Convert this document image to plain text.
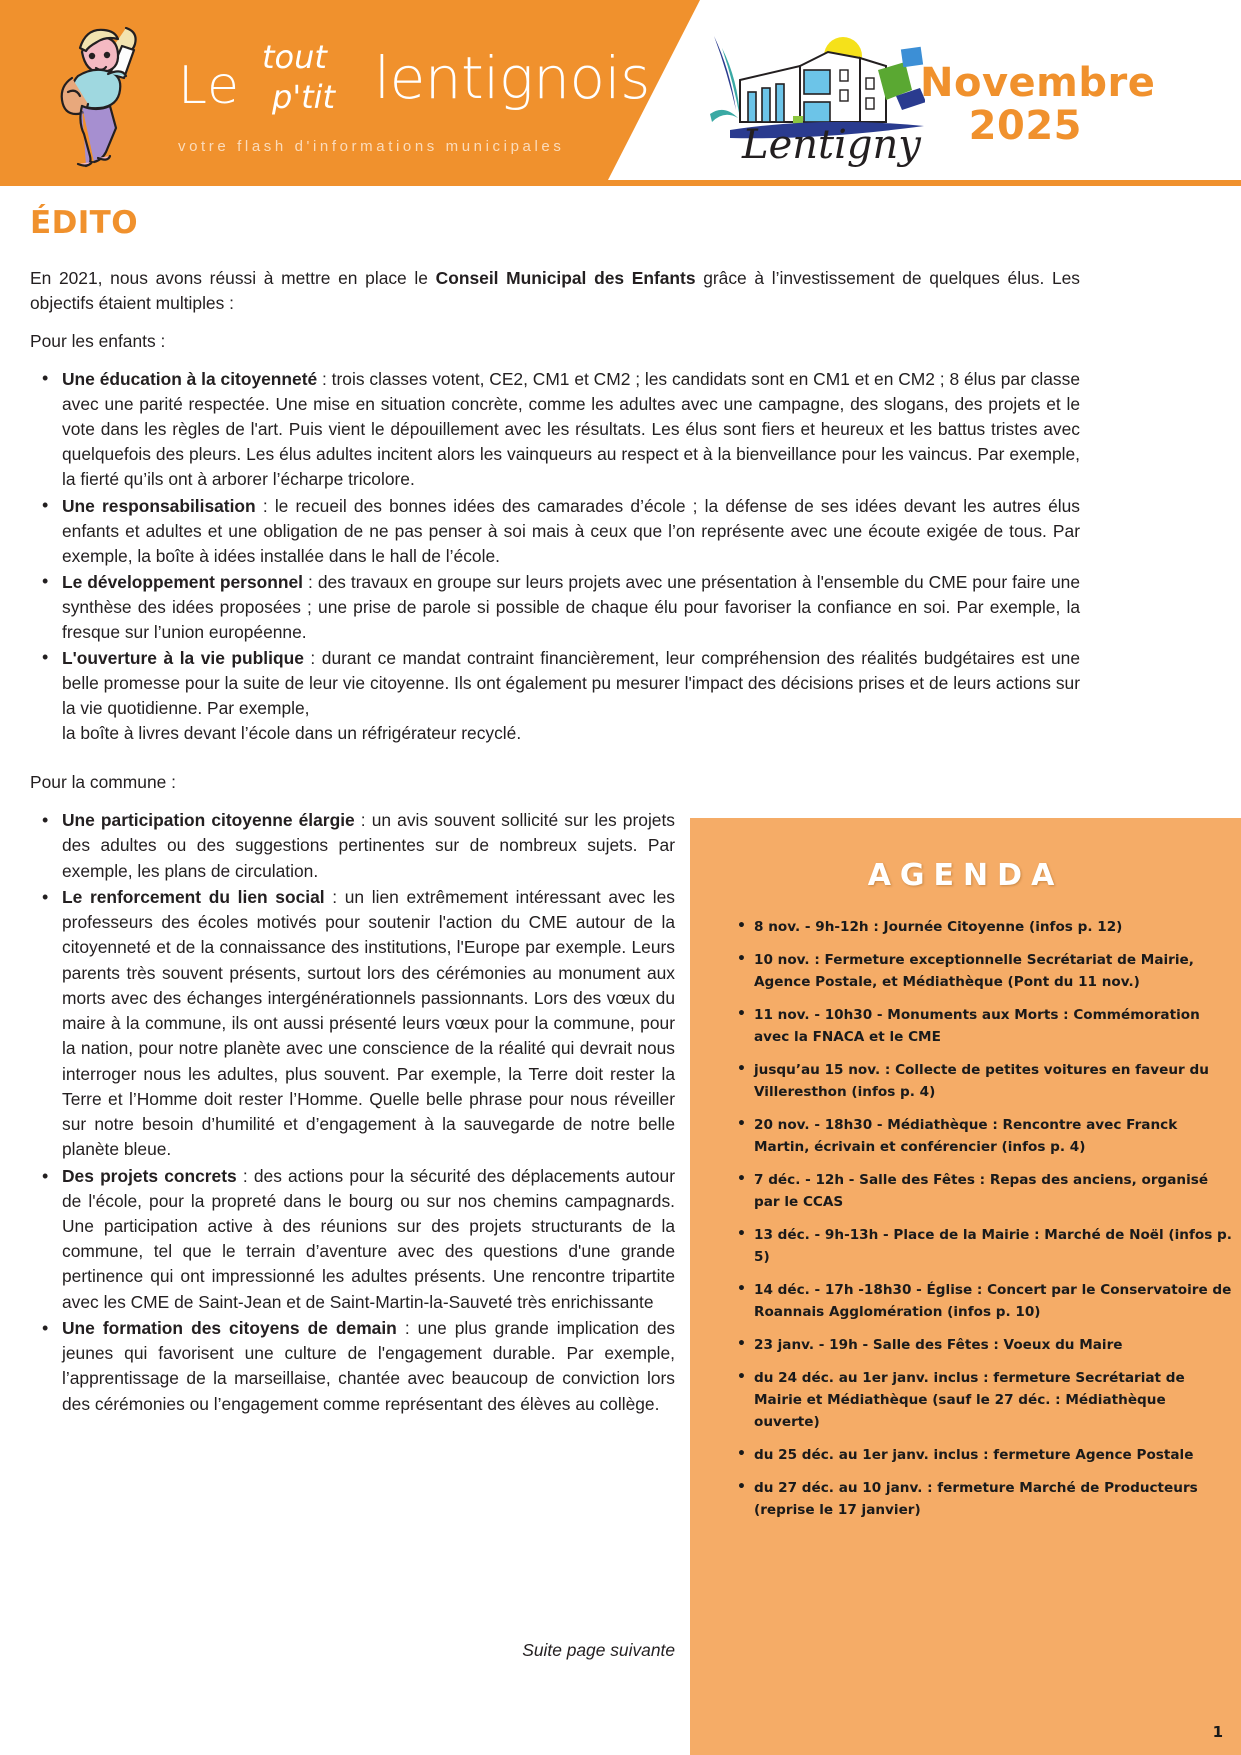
Le tout
p'tit lentignois
votre flash d'informations municipales	Lentigny
Novembre
2025
ÉDITO

En 2021, nous avons réussi à mettre en place le Conseil Municipal des Enfants grâce à l’investissement de quelques élus. Les objectifs étaient multiples :

Pour les enfants :

• Une éducation à la citoyenneté : trois classes votent, CE2, CM1 et CM2 ; les candidats sont en CM1 et en CM2 ; 8 élus par classe avec une parité respectée. Une mise en situation concrète, comme les adultes avec une campagne, des slogans, des projets et le vote dans les règles de l'art. Puis vient le dépouillement avec les résultats. Les élus sont fiers et heureux et les battus tristes avec quelquefois des pleurs. Les élus adultes incitent alors les vainqueurs au respect et à la bienveillance pour les vaincus. Par exemple, la fierté qu’ils ont à arborer l’écharpe tricolore.
• Une responsabilisation : le recueil des bonnes idées des camarades d’école ; la défense de ses idées devant les autres élus enfants et adultes et une obligation de ne pas penser à soi mais à ceux que l’on représente avec une écoute exigée de tous. Par exemple, la boîte à idées installée dans le hall de l’école.
• Le développement personnel : des travaux en groupe sur leurs projets avec une présentation à l'ensemble du CME pour faire une synthèse des idées proposées ; une prise de parole si possible de chaque élu pour favoriser la confiance en soi. Par exemple, la fresque sur l’union européenne.
• L'ouverture à la vie publique : durant ce mandat contraint financièrement, leur compréhension des réalités budgétaires est une belle promesse pour la suite de leur vie citoyenne. Ils ont également pu mesurer l'impact des décisions prises et de leurs actions sur la vie quotidienne. Par exemple,
la boîte à livres devant l’école dans un réfrigérateur recyclé.

Pour la commune :

• Une participation citoyenne élargie : un avis souvent sollicité sur les projets des adultes ou des suggestions pertinentes sur de nombreux sujets. Par exemple, les plans de circulation.
• Le renforcement du lien social : un lien extrêmement intéressant avec les professeurs des écoles motivés pour soutenir l'action du CME autour de la citoyenneté et de la connaissance des institutions, l'Europe par exemple. Leurs parents très souvent présents, surtout lors des cérémonies au monument aux morts avec des échanges intergénérationnels passionnants. Lors des vœux du maire à la commune, ils ont aussi présenté leurs vœux pour la commune, pour la nation, pour notre planète avec une conscience de la réalité qui devrait nous interroger nous les adultes, plus souvent. Par exemple, la Terre doit rester la Terre et l’Homme doit rester l’Homme. Quelle belle phrase pour nous réveiller sur notre besoin d’humilité et d’engagement à la sauvegarde de notre belle planète bleue.
• Des projets concrets : des actions pour la sécurité des déplacements autour de l'école, pour la propreté dans le bourg ou sur nos chemins campagnards. Une participation active à des réunions sur des projets structurants de la commune, tel que le terrain d’aventure avec des questions d'une grande pertinence qui ont impressionné les adultes présents. Une rencontre tripartite avec les CME de Saint-Jean et de Saint-Martin-la-Sauveté très enrichissante
• Une formation des citoyens de demain : une plus grande implication des jeunes qui favorisent une culture de l'engagement durable. Par exemple, l’apprentissage de la marseillaise, chantée avec beaucoup de conviction lors des cérémonies ou l’engagement comme représentant des élèves au collège.
Suite page suivante
AGENDA
• 8 nov. - 9h-12h : Journée Citoyenne (infos p. 12)
• 10 nov. : Fermeture exceptionnelle Secrétariat de Mairie, Agence Postale, et Médiathèque (Pont du 11 nov.)
• 11 nov. - 10h30 - Monuments aux Morts : Commémoration avec la FNACA et le CME
• jusqu’au 15 nov. : Collecte de petites voitures en faveur du Villeresthon (infos p. 4)
• 20 nov. - 18h30 - Médiathèque : Rencontre avec Franck Martin, écrivain et conférencier (infos p. 4)
• 7 déc. - 12h - Salle des Fêtes : Repas des anciens, organisé par le CCAS
• 13 déc. - 9h-13h - Place de la Mairie : Marché de Noël (infos p. 5)
• 14 déc. - 17h -18h30 - Église : Concert par le Conservatoire de Roannais Agglomération (infos p. 10)
• 23 janv. - 19h - Salle des Fêtes : Voeux du Maire
• du 24 déc. au 1er janv. inclus : fermeture Secrétariat de Mairie et Médiathèque (sauf le 27 déc. : Médiathèque ouverte)
• du 25 déc. au 1er janv. inclus : fermeture Agence Postale
• du 27 déc. au 10 janv. : fermeture Marché de Producteurs (reprise le 17 janvier)
1
